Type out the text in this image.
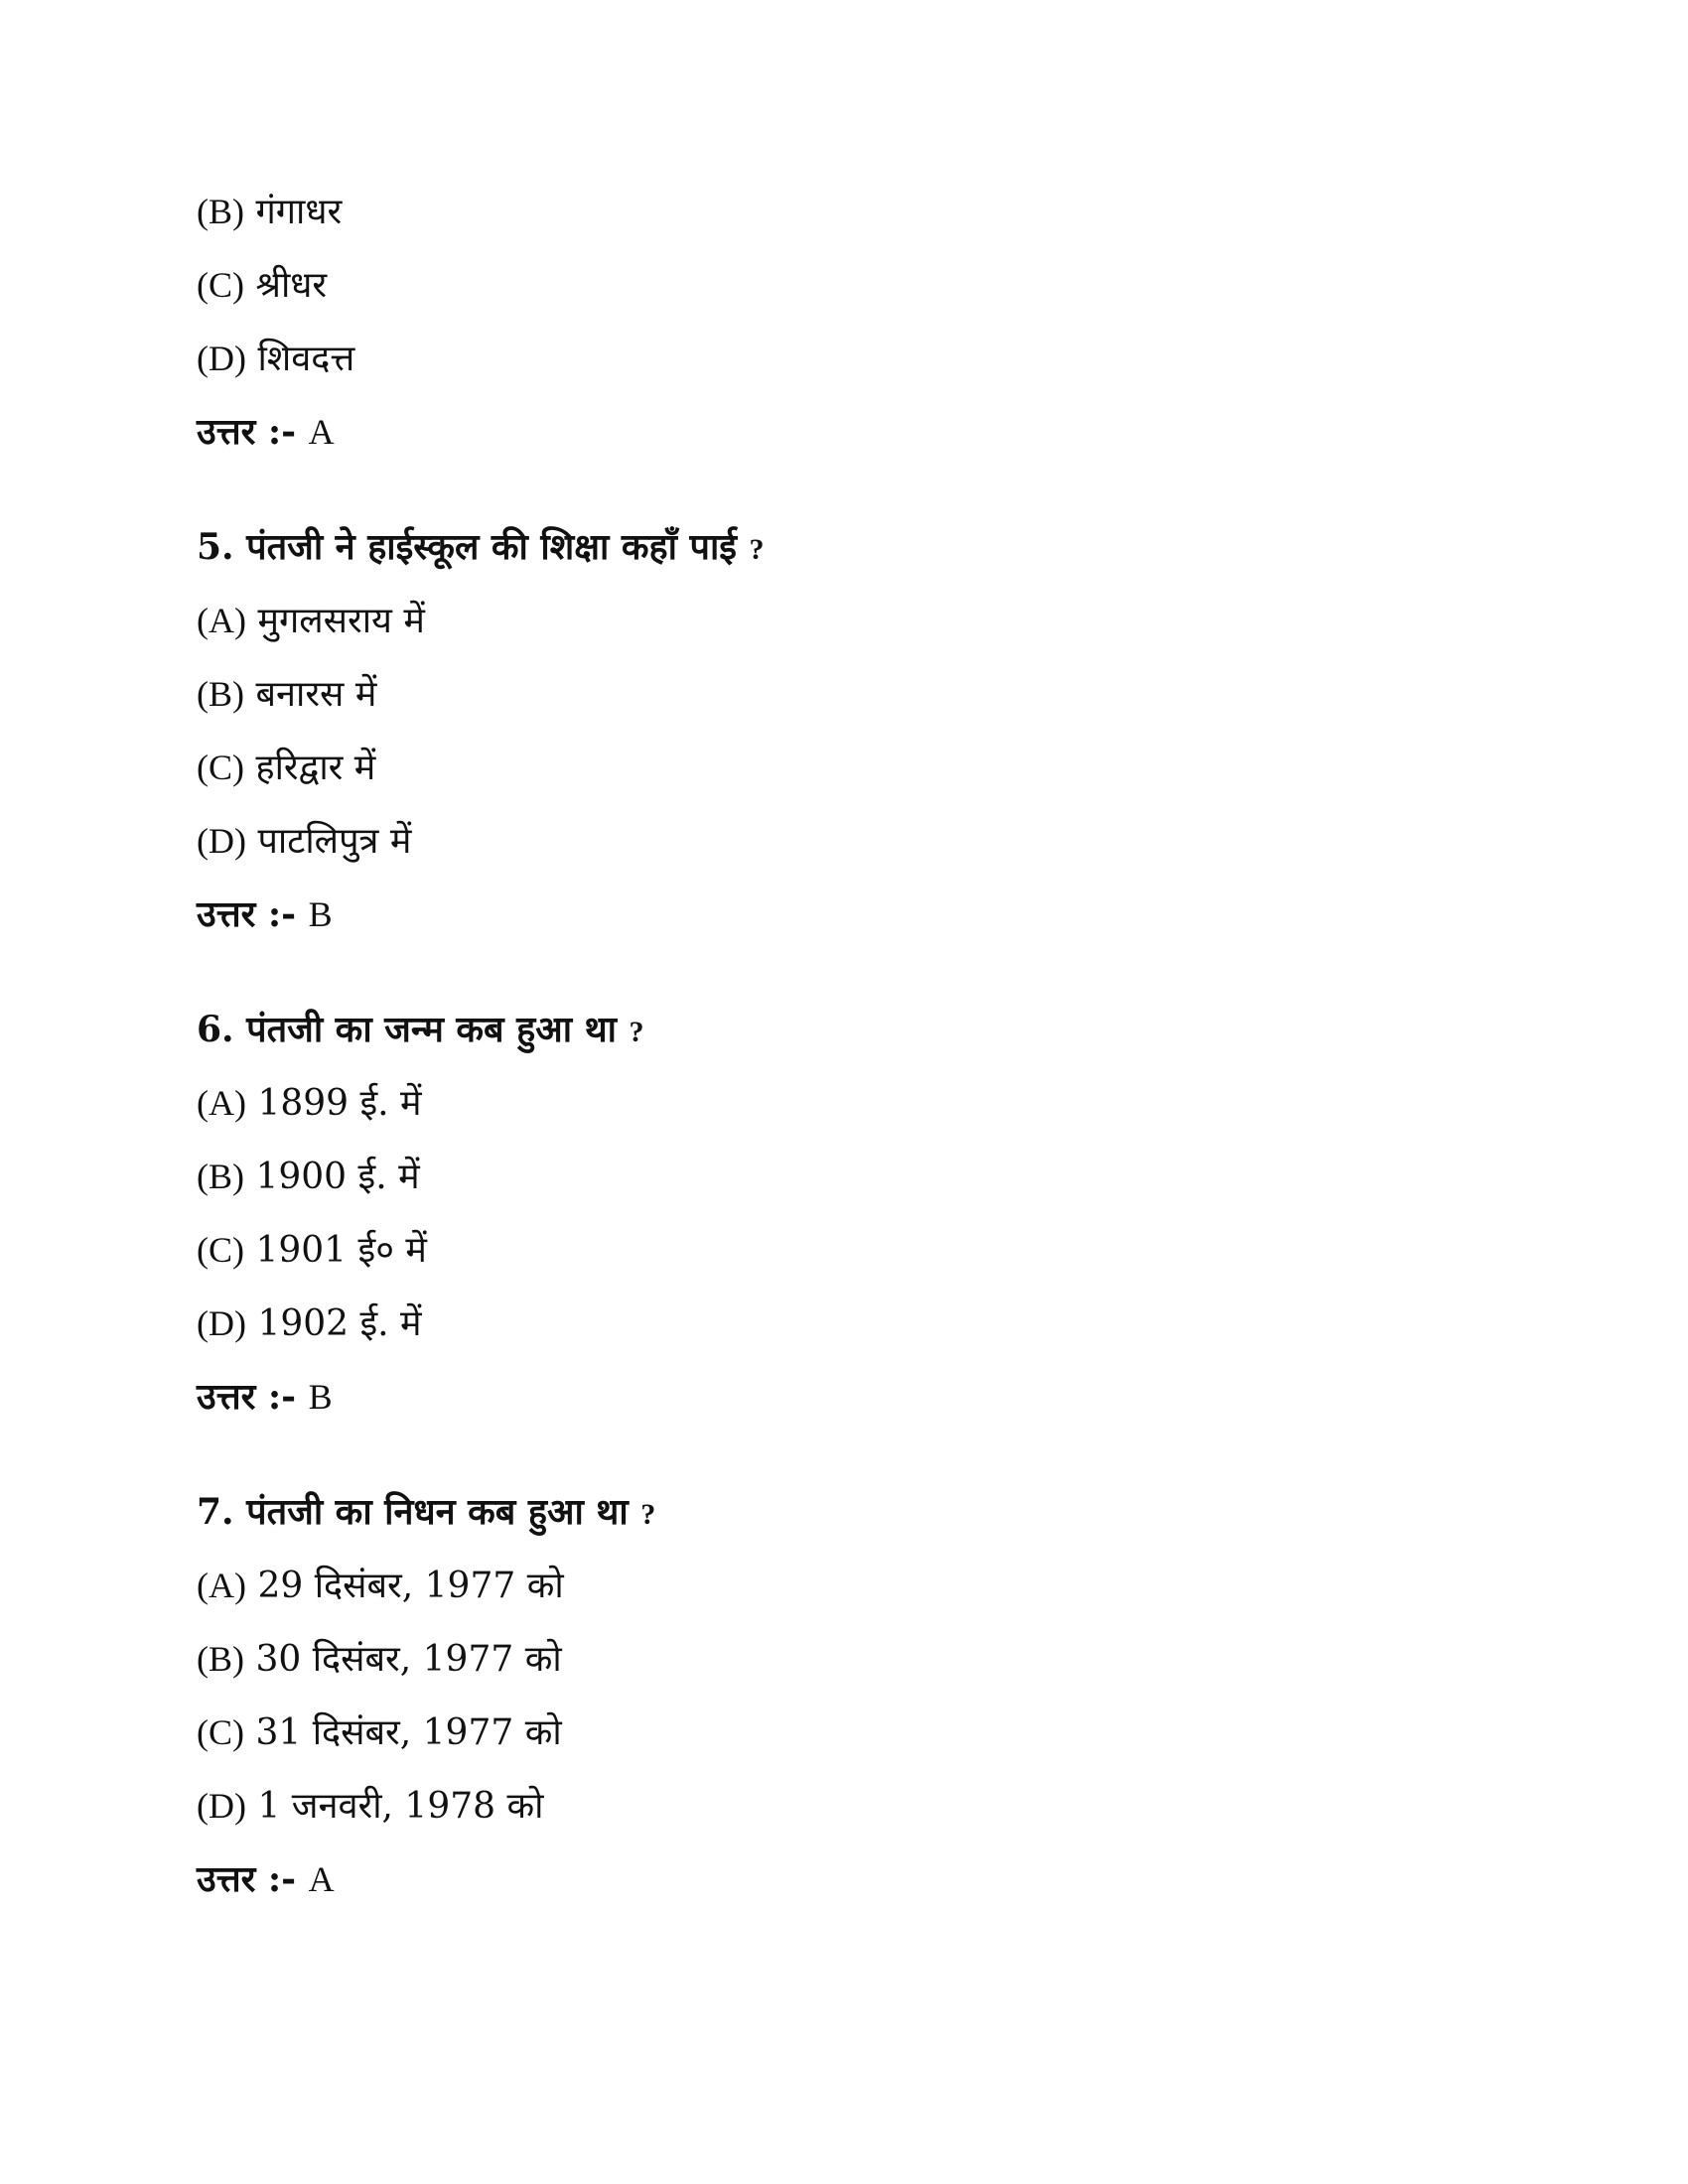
(B) गंगाधर
(C) श्रीधर
(D) शिवदत्त
उत्तर :- A
5. पंतजी ने हाईस्कूल की शिक्षा कहाँ पाई ?
(A) मुगलसराय में
(B) बनारस में
(C) हरिद्वार में
(D) पाटलिपुत्र में
उत्तर :- B
6. पंतजी का जन्म कब हुआ था ?
(A) 1899 ई. में
(B) 1900 ई. में
(C) 1901 ई० में
(D) 1902 ई. में
उत्तर :- B
7. पंतजी का निधन कब हुआ था ?
(A) 29 दिसंबर, 1977 को
(B) 30 दिसंबर, 1977 को
(C) 31 दिसंबर, 1977 को
(D) 1 जनवरी, 1978 को
उत्तर :- A
